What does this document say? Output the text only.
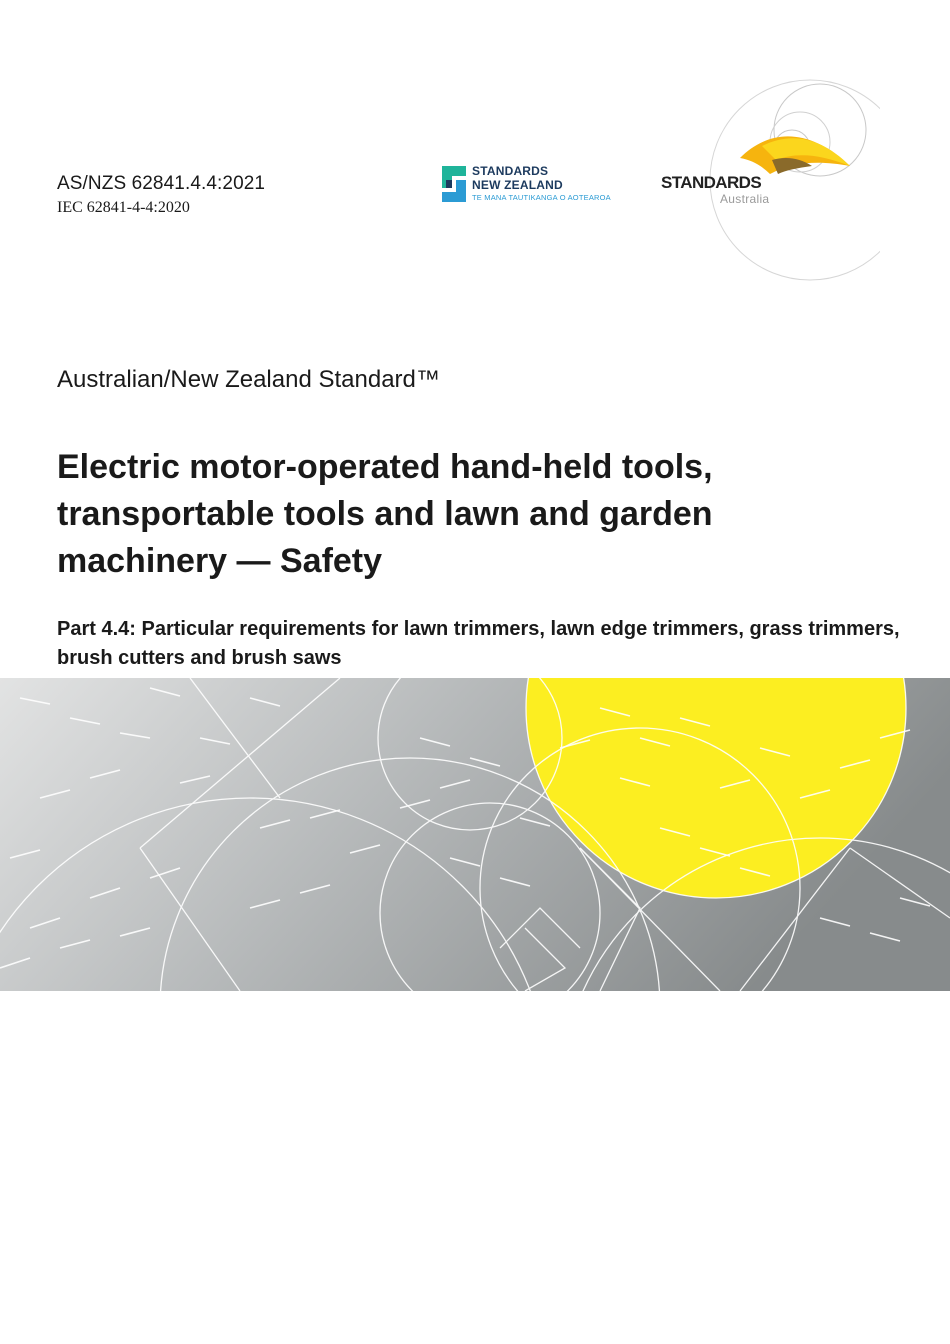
AS/NZS 62841.4.4:2021
IEC 62841-4-4:2020
STANDARDS
NEW ZEALAND
TE MANA TAUTIKANGA O AOTEAROA
STANDARDS
Australia
Australian/New Zealand Standard™
Electric motor-operated hand-held tools, transportable tools and lawn and garden machinery — Safety
Part 4.4: Particular requirements for lawn trimmers, lawn edge trimmers, grass trimmers, brush cutters and brush saws
